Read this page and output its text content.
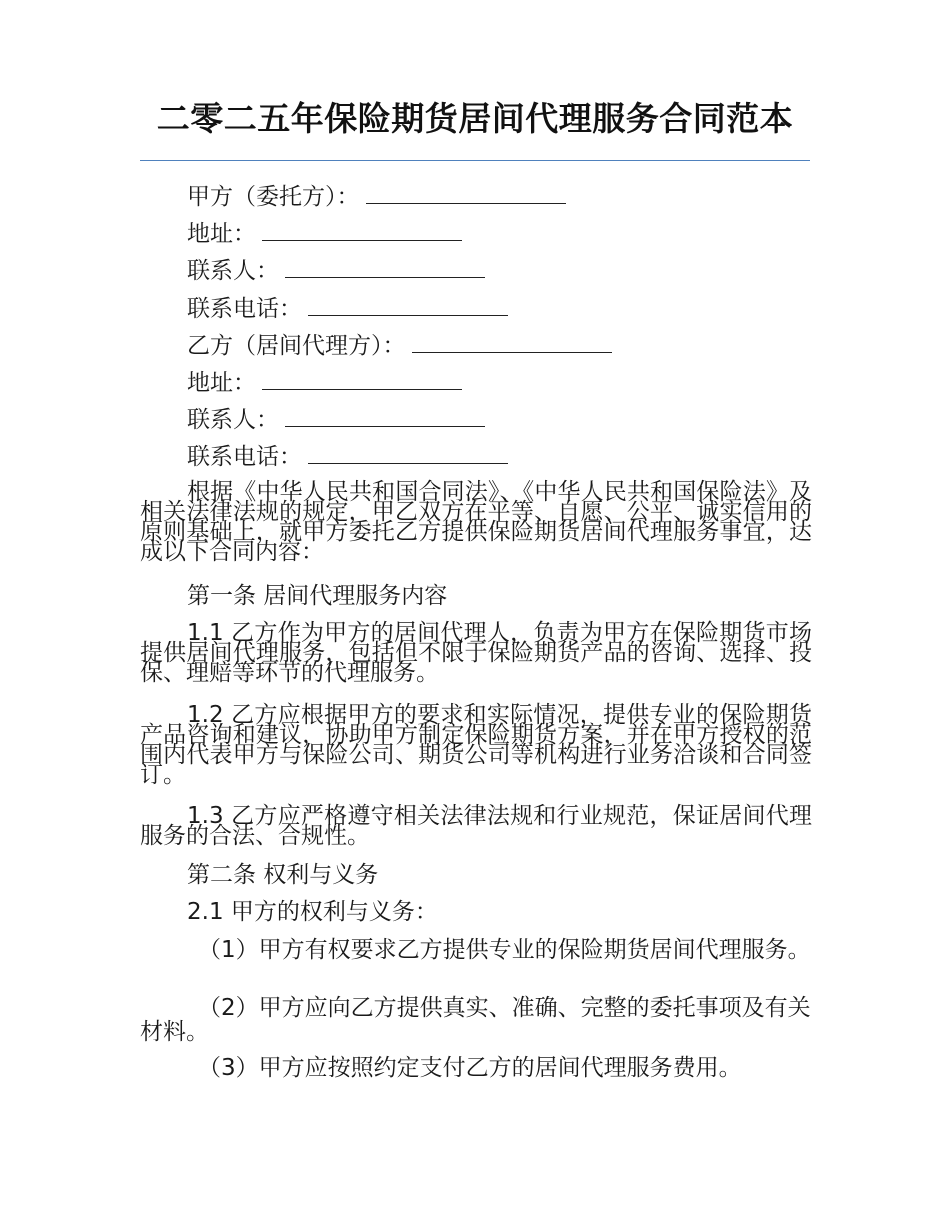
二零二五年保险期货居间代理服务合同范本
甲方（委托方）：
地址：
联系人：
联系电话：
乙方（居间代理方）：
地址：
联系人：
联系电话：
根据《中华人民共和国合同法》、《中华人民共和国保险法》及相关法律法规的规定，甲乙双方在平等、自愿、公平、诚实信用的原则基础上，就甲方委托乙方提供保险期货居间代理服务事宜，达成以下合同内容：
第一条 居间代理服务内容
1.1 乙方作为甲方的居间代理人，负责为甲方在保险期货市场提供居间代理服务，包括但不限于保险期货产品的咨询、选择、投保、理赔等环节的代理服务。
1.2 乙方应根据甲方的要求和实际情况，提供专业的保险期货产品咨询和建议，协助甲方制定保险期货方案，并在甲方授权的范围内代表甲方与保险公司、期货公司等机构进行业务洽谈和合同签订。
1.3 乙方应严格遵守相关法律法规和行业规范，保证居间代理服务的合法、合规性。
第二条 权利与义务
2.1 甲方的权利与义务：
（1）甲方有权要求乙方提供专业的保险期货居间代理服务。
（2）甲方应向乙方提供真实、准确、完整的委托事项及有关材料。
（3）甲方应按照约定支付乙方的居间代理服务费用。
